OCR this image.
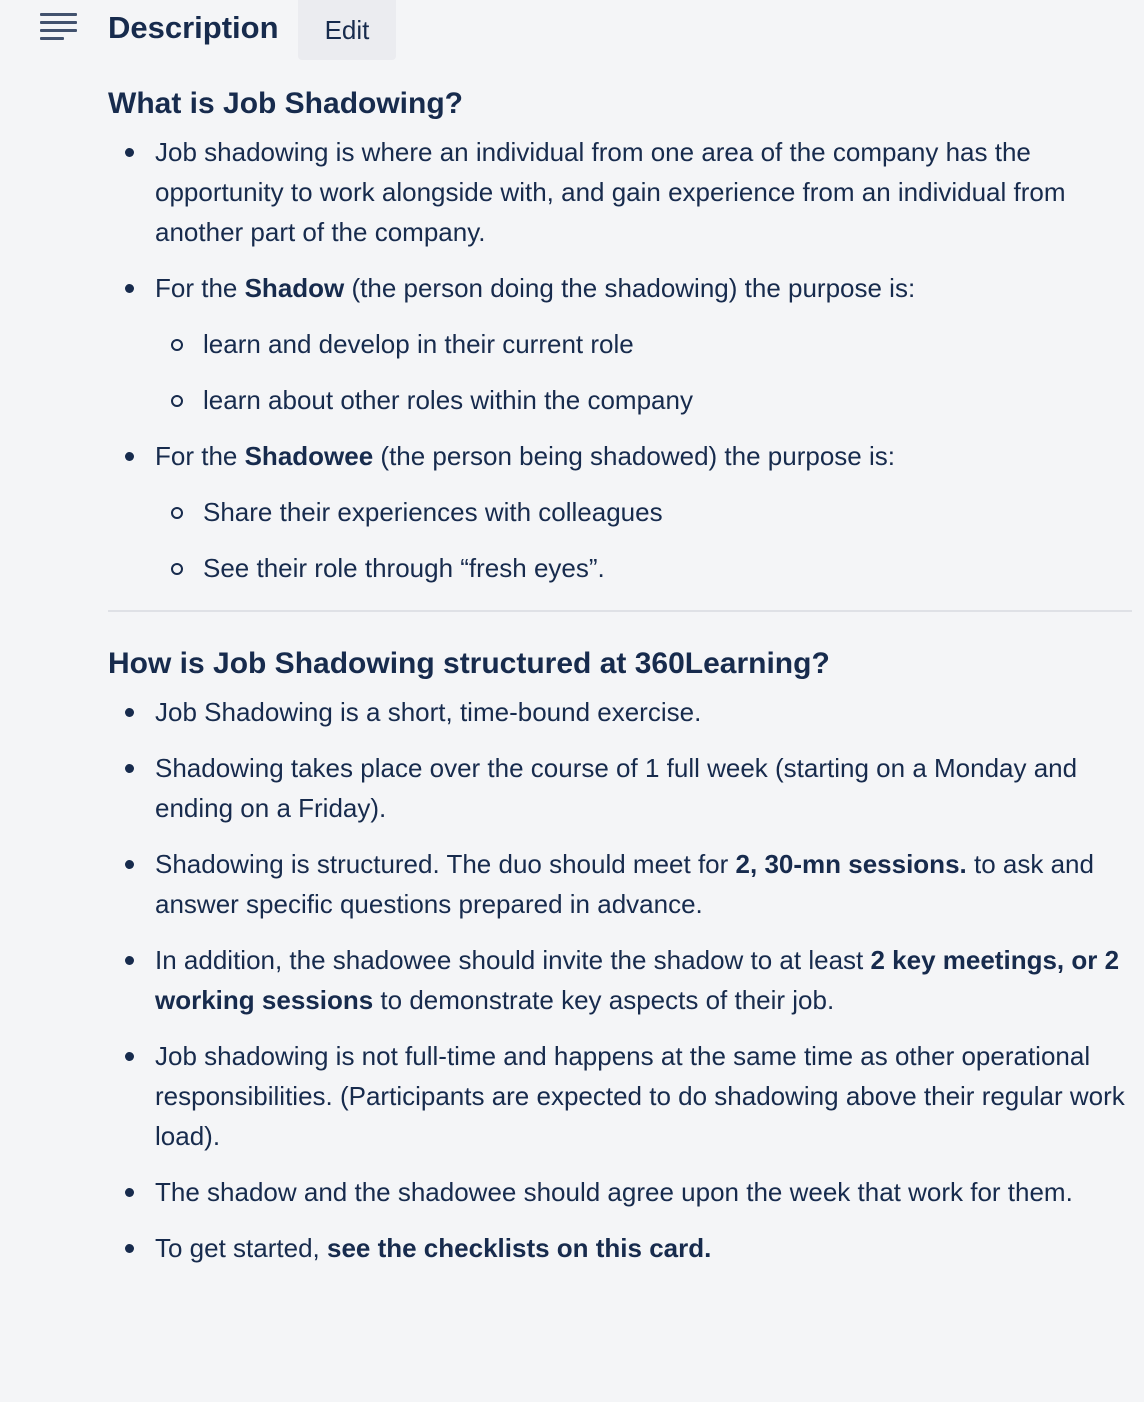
Description	Edit
What is Job Shadowing?
Job shadowing is where an individual from one area of the company has the opportunity to work alongside with, and gain experience from an individual from another part of the company.
For the Shadow (the person doing the shadowing) the purpose is:
learn and develop in their current role
learn about other roles within the company
For the Shadowee (the person being shadowed) the purpose is:
Share their experiences with colleagues
See their role through “fresh eyes”.
How is Job Shadowing structured at 360Learning?
Job Shadowing is a short, time-bound exercise.
Shadowing takes place over the course of 1 full week (starting on a Monday and ending on a Friday).
Shadowing is structured. The duo should meet for 2, 30-mn sessions. to ask and answer specific questions prepared in advance.
In addition, the shadowee should invite the shadow to at least 2 key meetings, or 2 working sessions to demonstrate key aspects of their job.
Job shadowing is not full-time and happens at the same time as other operational responsibilities. (Participants are expected to do shadowing above their regular work load).
The shadow and the shadowee should agree upon the week that work for them.
To get started, see the checklists on this card.
